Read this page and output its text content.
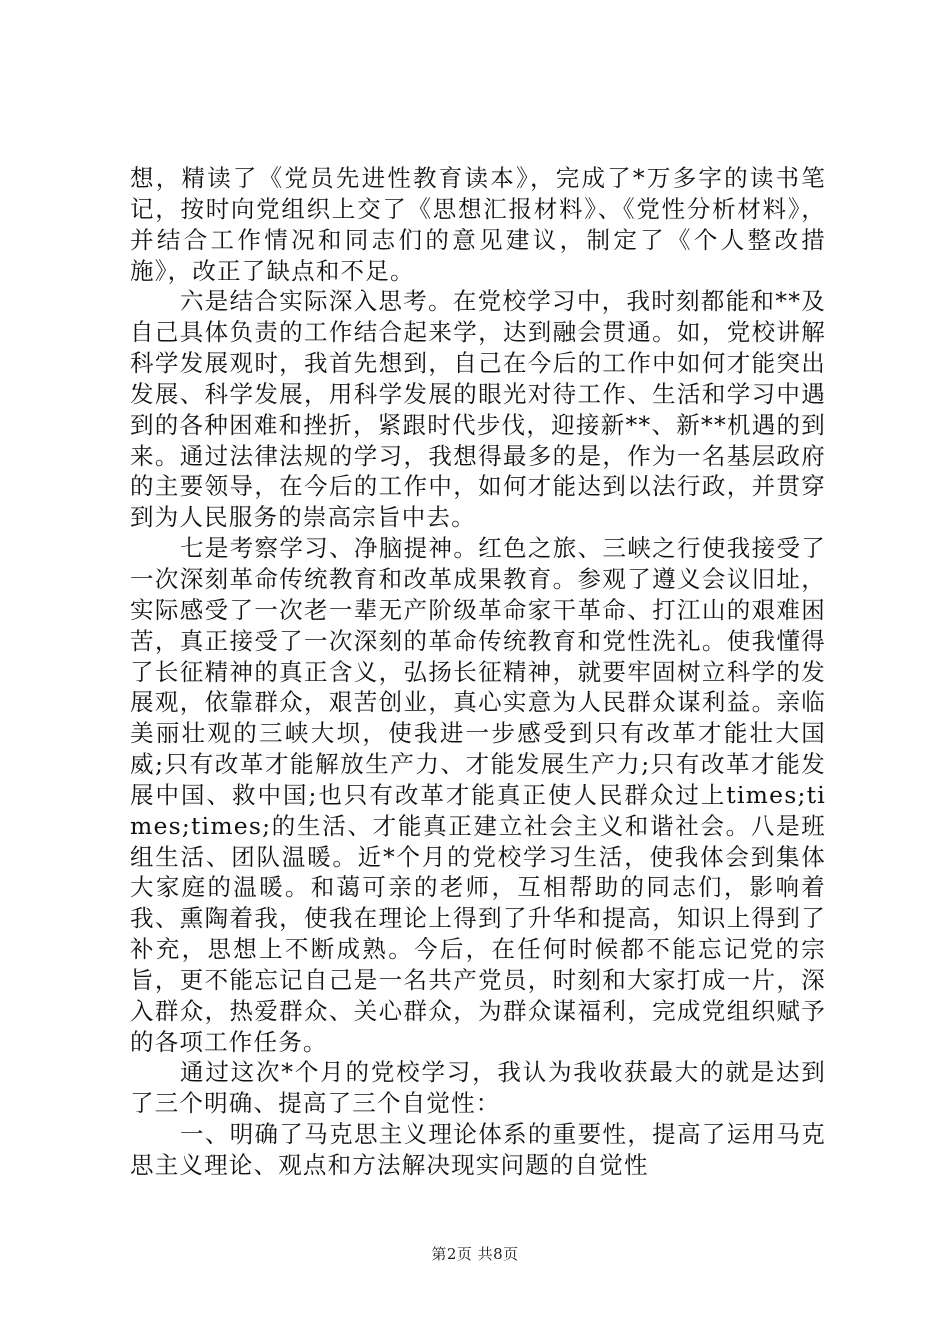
想，精读了《党员先进性教育读本》，完成了*万多字的读书笔记，按时向党组织上交了《思想汇报材料》、《党性分析材料》，并结合工作情况和同志们的意见建议，制定了《个人整改措施》，改正了缺点和不足。

六是结合实际深入思考。在党校学习中，我时刻都能和**及自己具体负责的工作结合起来学，达到融会贯通。如，党校讲解科学发展观时，我首先想到，自己在今后的工作中如何才能突出发展、科学发展，用科学发展的眼光对待工作、生活和学习中遇到的各种困难和挫折，紧跟时代步伐，迎接新**、新**机遇的到来。通过法律法规的学习，我想得最多的是，作为一名基层政府的主要领导，在今后的工作中，如何才能达到以法行政，并贯穿到为人民服务的崇高宗旨中去。

七是考察学习、净脑提神。红色之旅、三峡之行使我接受了一次深刻革命传统教育和改革成果教育。参观了遵义会议旧址，实际感受了一次老一辈无产阶级革命家干革命、打江山的艰难困苦，真正接受了一次深刻的革命传统教育和党性洗礼。使我懂得了长征精神的真正含义，弘扬长征精神，就要牢固树立科学的发展观，依靠群众，艰苦创业，真心实意为人民群众谋利益。亲临美丽壮观的三峡大坝，使我进一步感受到只有改革才能壮大国威;只有改革才能解放生产力、才能发展生产力;只有改革才能发展中国、救中国;也只有改革才能真正使人民群众过上times;times;times;的生活、才能真正建立社会主义和谐社会。八是班组生活、团队温暖。近*个月的党校学习生活，使我体会到集体大家庭的温暖。和蔼可亲的老师，互相帮助的同志们，影响着我、熏陶着我，使我在理论上得到了升华和提高，知识上得到了补充，思想上不断成熟。今后，在任何时候都不能忘记党的宗旨，更不能忘记自己是一名共产党员，时刻和大家打成一片，深入群众，热爱群众、关心群众，为群众谋福利，完成党组织赋予的各项工作任务。

通过这次*个月的党校学习，我认为我收获最大的就是达到了三个明确、提高了三个自觉性：

一、明确了马克思主义理论体系的重要性，提高了运用马克思主义理论、观点和方法解决现实问题的自觉性

第2页 共8页
